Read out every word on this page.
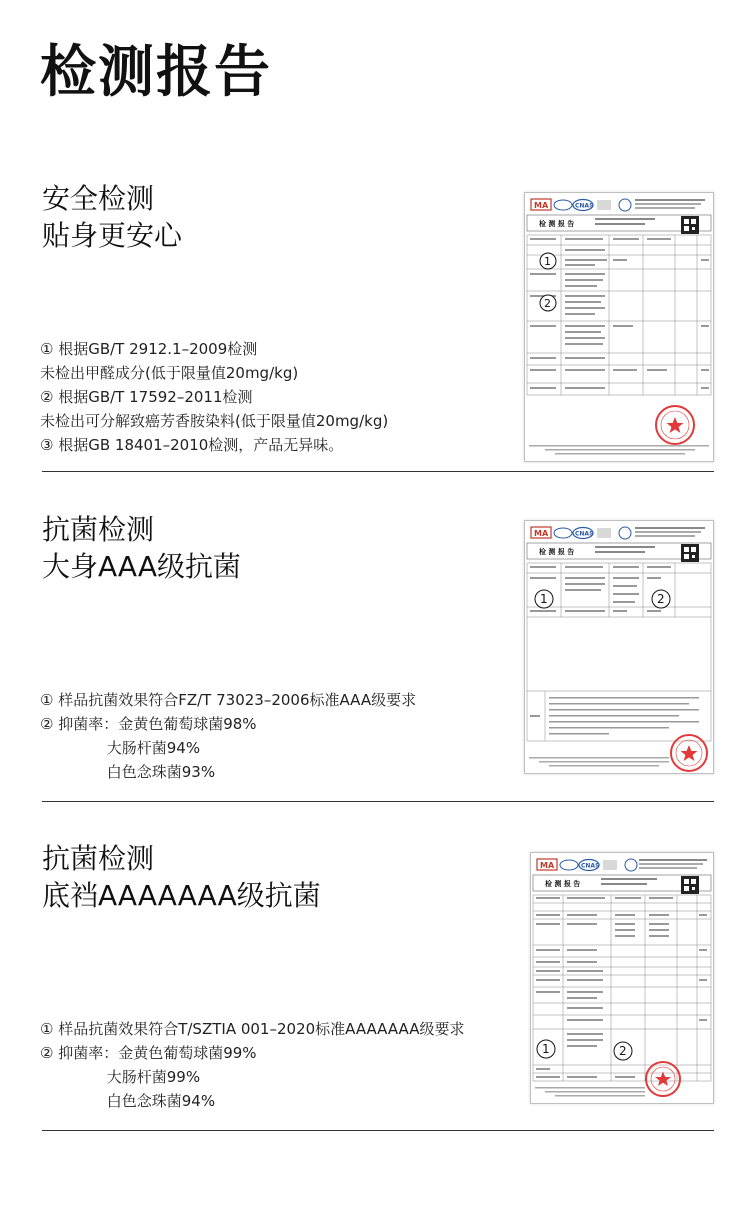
检测报告
安全检测
贴身更安心
① 根据GB/T 2912.1–2009检测
未检出甲醛成分(低于限量值20mg/kg)
② 根据GB/T 17592–2011检测
未检出可分解致癌芳香胺染料(低于限量值20mg/kg)
③ 根据GB 18401–2010检测，产品无异味。
MA	CNAS
检 测 报 告
1
2
抗菌检测
大身AAA级抗菌
① 样品抗菌效果符合FZ/T 73023–2006标准AAA级要求
② 抑菌率：金黄色葡萄球菌98%
大肠杆菌94%
白色念珠菌93%
MA	CNAS
检 测 报 告
1	2
抗菌检测
底裆AAAAAAA级抗菌
① 样品抗菌效果符合T/SZTIA 001–2020标准AAAAAAA级要求
② 抑菌率：金黄色葡萄球菌99%
大肠杆菌99%
白色念珠菌94%
MA	CNAS
检 测 报 告
1	2
